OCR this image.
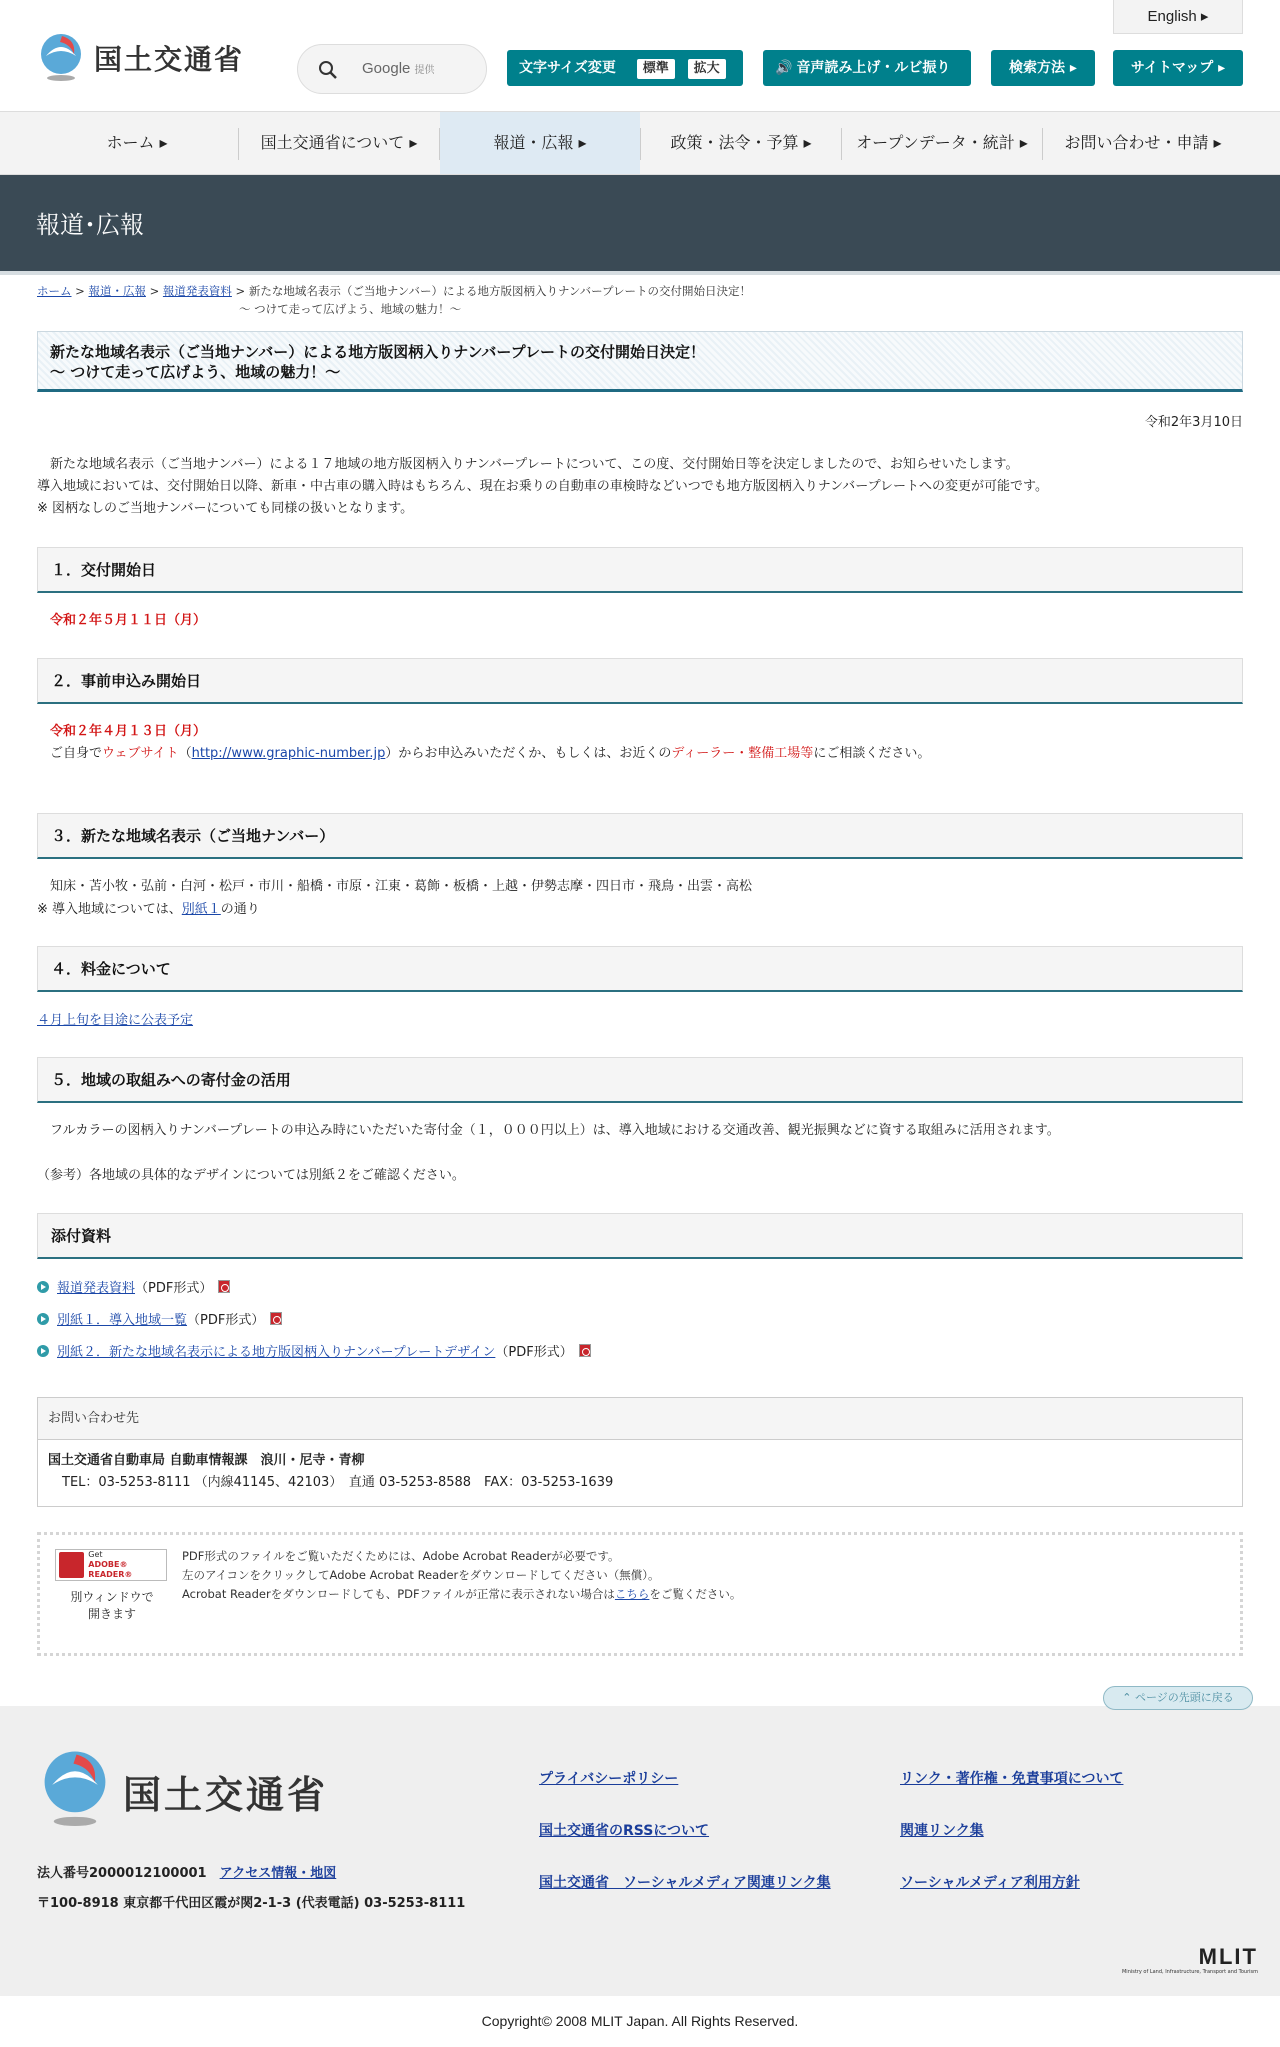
English ▸
国土交通省	Google 提供	文字サイズ変更 標準 拡大	🔊 音声読み上げ・ルビ振り	検索方法 ▸	サイトマップ ▸
ホーム ▸	国土交通省について ▸	報道・広報 ▸	政策・法令・予算 ▸	オープンデータ・統計 ▸	お問い合わせ・申請 ▸
報道･広報
ホーム > 報道・広報 > 報道発表資料 > 新たな地域名表示（ご当地ナンバー）による地方版図柄入りナンバープレートの交付開始日決定！
～ つけて走って広げよう、地域の魅力！～
新たな地域名表示（ご当地ナンバー）による地方版図柄入りナンバープレートの交付開始日決定！
～ つけて走って広げよう、地域の魅力！～
令和2年3月10日
　新たな地域名表示（ご当地ナンバー）による１７地域の地方版図柄入りナンバープレートについて、この度、交付開始日等を決定しましたので、お知らせいたします。
導入地域においては、交付開始日以降、新車・中古車の購入時はもちろん、現在お乗りの自動車の車検時などいつでも地方版図柄入りナンバープレートへの変更が可能です。
※ 図柄なしのご当地ナンバーについても同様の扱いとなります。
１．交付開始日
令和２年５月１１日（月）
２．事前申込み開始日
令和２年４月１３日（月）
ご自身でウェブサイト（http://www.graphic-number.jp）からお申込みいただくか、もしくは、お近くのディーラー・整備工場等にご相談ください。
３．新たな地域名表示（ご当地ナンバー）
知床・苫小牧・弘前・白河・松戸・市川・船橋・市原・江東・葛飾・板橋・上越・伊勢志摩・四日市・飛鳥・出雲・高松
※ 導入地域については、別紙１の通り
４．料金について
４月上旬を目途に公表予定
５．地域の取組みへの寄付金の活用
　フルカラーの図柄入りナンバープレートの申込み時にいただいた寄付金（１，０００円以上）は、導入地域における交通改善、観光振興などに資する取組みに活用されます。
（参考）各地域の具体的なデザインについては別紙２をご確認ください。
添付資料
報道発表資料 （PDF形式）
別紙１．導入地域一覧 （PDF形式）
別紙２．新たな地域名表示による地方版図柄入りナンバープレートデザイン （PDF形式）
お問い合わせ先
国土交通省自動車局 自動車情報課　浪川・尼寺・青柳
TEL：03-5253-8111 （内線41145、42103）　直通 03-5253-8588　FAX：03-5253-1639
Get
ADOBE® READER®
別ウィンドウで
開きます
PDF形式のファイルをご覧いただくためには、Adobe Acrobat Readerが必要です。
左のアイコンをクリックしてAdobe Acrobat Readerをダウンロードしてください（無償）。
Acrobat Readerをダウンロードしても、PDFファイルが正常に表示されない場合はこちらをご覧ください。
国土交通省
法人番号2000012100001　 アクセス情報・地図
〒100-8918 東京都千代田区霞が関2-1-3 (代表電話) 03-5253-8111
プライバシーポリシー	リンク・著作権・免責事項について
国土交通省のRSSについて	関連リンク集
国土交通省　ソーシャルメディア関連リンク集	ソーシャルメディア利用方針
MLIT
Ministry of Land, Infrastructure, Transport and Tourism
⌃ ページの先頭に戻る
Copyright© 2008 MLIT Japan. All Rights Reserved.
